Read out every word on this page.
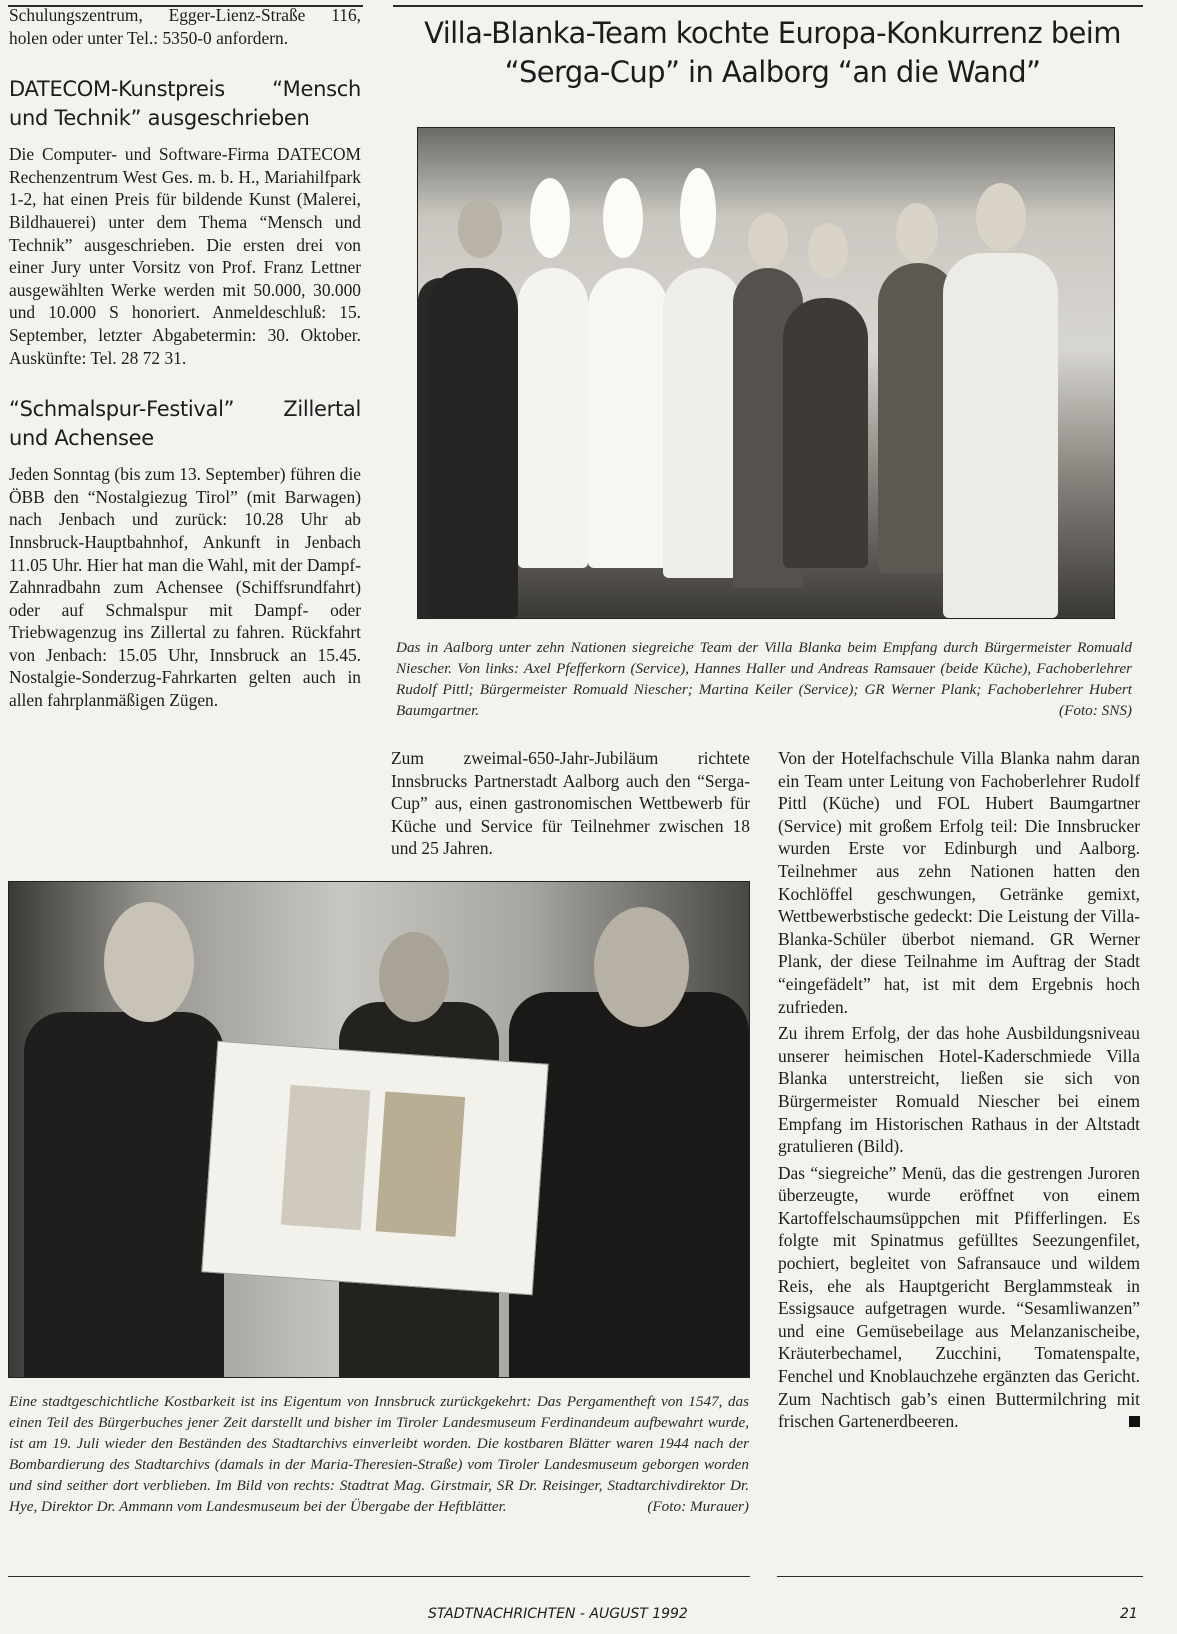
Schulungszentrum, Egger-Lienz-Straße 116, holen oder unter Tel.: 5350-0 anfordern.

DATECOM-Kunstpreis “Mensch und Technik” ausgeschrieben

Die Computer- und Software-Firma DATECOM Rechenzentrum West Ges. m. b. H., Mariahilfpark 1-2, hat einen Preis für bildende Kunst (Malerei, Bildhauerei) unter dem Thema “Mensch und Technik” ausgeschrieben. Die ersten drei von einer Jury unter Vorsitz von Prof. Franz Lettner ausgewählten Werke werden mit 50.000, 30.000 und 10.000 S honoriert. Anmeldeschluß: 15. September, letzter Abgabetermin: 30. Oktober. Auskünfte: Tel. 28 72 31.

“Schmalspur-Festival” Zillertal und Achensee

Jeden Sonntag (bis zum 13. September) führen die ÖBB den “Nostalgiezug Tirol” (mit Barwagen) nach Jenbach und zurück: 10.28 Uhr ab Innsbruck-Hauptbahnhof, Ankunft in Jenbach 11.05 Uhr. Hier hat man die Wahl, mit der Dampf-Zahnradbahn zum Achensee (Schiffsrundfahrt) oder auf Schmalspur mit Dampf- oder Triebwagenzug ins Zillertal zu fahren. Rückfahrt von Jenbach: 15.05 Uhr, Innsbruck an 15.45. Nostalgie-Sonderzug-Fahrkarten gelten auch in allen fahrplanmäßigen Zügen.

Villa-Blanka-Team kochte Europa-Konkurrenz beim “Serga-Cup” in Aalborg “an die Wand”
Das in Aalborg unter zehn Nationen siegreiche Team der Villa Blanka beim Empfang durch Bürgermeister Romuald Niescher. Von links: Axel Pfefferkorn (Service), Hannes Haller und Andreas Ramsauer (beide Küche), Fachoberlehrer Rudolf Pittl; Bürgermeister Romuald Niescher; Martina Keiler (Service); GR Werner Plank; Fachoberlehrer Hubert Baumgartner.	(Foto: SNS)

Zum zweimal-650-Jahr-Jubiläum richtete Innsbrucks Partnerstadt Aalborg auch den “Serga-Cup” aus, einen gastronomischen Wettbewerb für Küche und Service für Teilnehmer zwischen 18 und 25 Jahren.

Von der Hotelfachschule Villa Blanka nahm daran ein Team unter Leitung von Fachoberlehrer Rudolf Pittl (Küche) und FOL Hubert Baumgartner (Service) mit großem Erfolg teil: Die Innsbrucker wurden Erste vor Edinburgh und Aalborg. Teilnehmer aus zehn Nationen hatten den Kochlöffel geschwungen, Getränke gemixt, Wettbewerbstische gedeckt: Die Leistung der Villa-Blanka-Schüler überbot niemand. GR Werner Plank, der diese Teilnahme im Auftrag der Stadt “eingefädelt” hat, ist mit dem Ergebnis hoch zufrieden.

Zu ihrem Erfolg, der das hohe Ausbildungsniveau unserer heimischen Hotel-Kaderschmiede Villa Blanka unterstreicht, ließen sie sich von Bürgermeister Romuald Niescher bei einem Empfang im Historischen Rathaus in der Altstadt gratulieren (Bild).

Das “siegreiche” Menü, das die gestrengen Juroren überzeugte, wurde eröffnet von einem Kartoffelschaumsüppchen mit Pfifferlingen. Es folgte mit Spinatmus gefülltes Seezungenfilet, pochiert, begleitet von Safransauce und wildem Reis, ehe als Hauptgericht Berglammsteak in Essigsauce aufgetragen wurde. “Sesamliwanzen” und eine Gemüsebeilage aus Melanzanischeibe, Kräuterbechamel, Zucchini, Tomatenspalte, Fenchel und Knoblauchzehe ergänzten das Gericht. Zum Nachtisch gab’s einen Buttermilchring mit frischen Gartenerdbeeren.

Eine stadtgeschichtliche Kostbarkeit ist ins Eigentum von Innsbruck zurückgekehrt: Das Pergamentheft von 1547, das einen Teil des Bürgerbuches jener Zeit darstellt und bisher im Tiroler Landesmuseum Ferdinandeum aufbewahrt wurde, ist am 19. Juli wieder den Beständen des Stadtarchivs einverleibt worden. Die kostbaren Blätter waren 1944 nach der Bombardierung des Stadtarchivs (damals in der Maria-Theresien-Straße) vom Tiroler Landesmuseum geborgen worden und sind seither dort verblieben. Im Bild von rechts: Stadtrat Mag. Girstmair, SR Dr. Reisinger, Stadtarchivdirektor Dr. Hye, Direktor Dr. Ammann vom Landesmuseum bei der Übergabe der Heftblätter.	(Foto: Murauer)
STADTNACHRICHTEN - AUGUST 1992	21
